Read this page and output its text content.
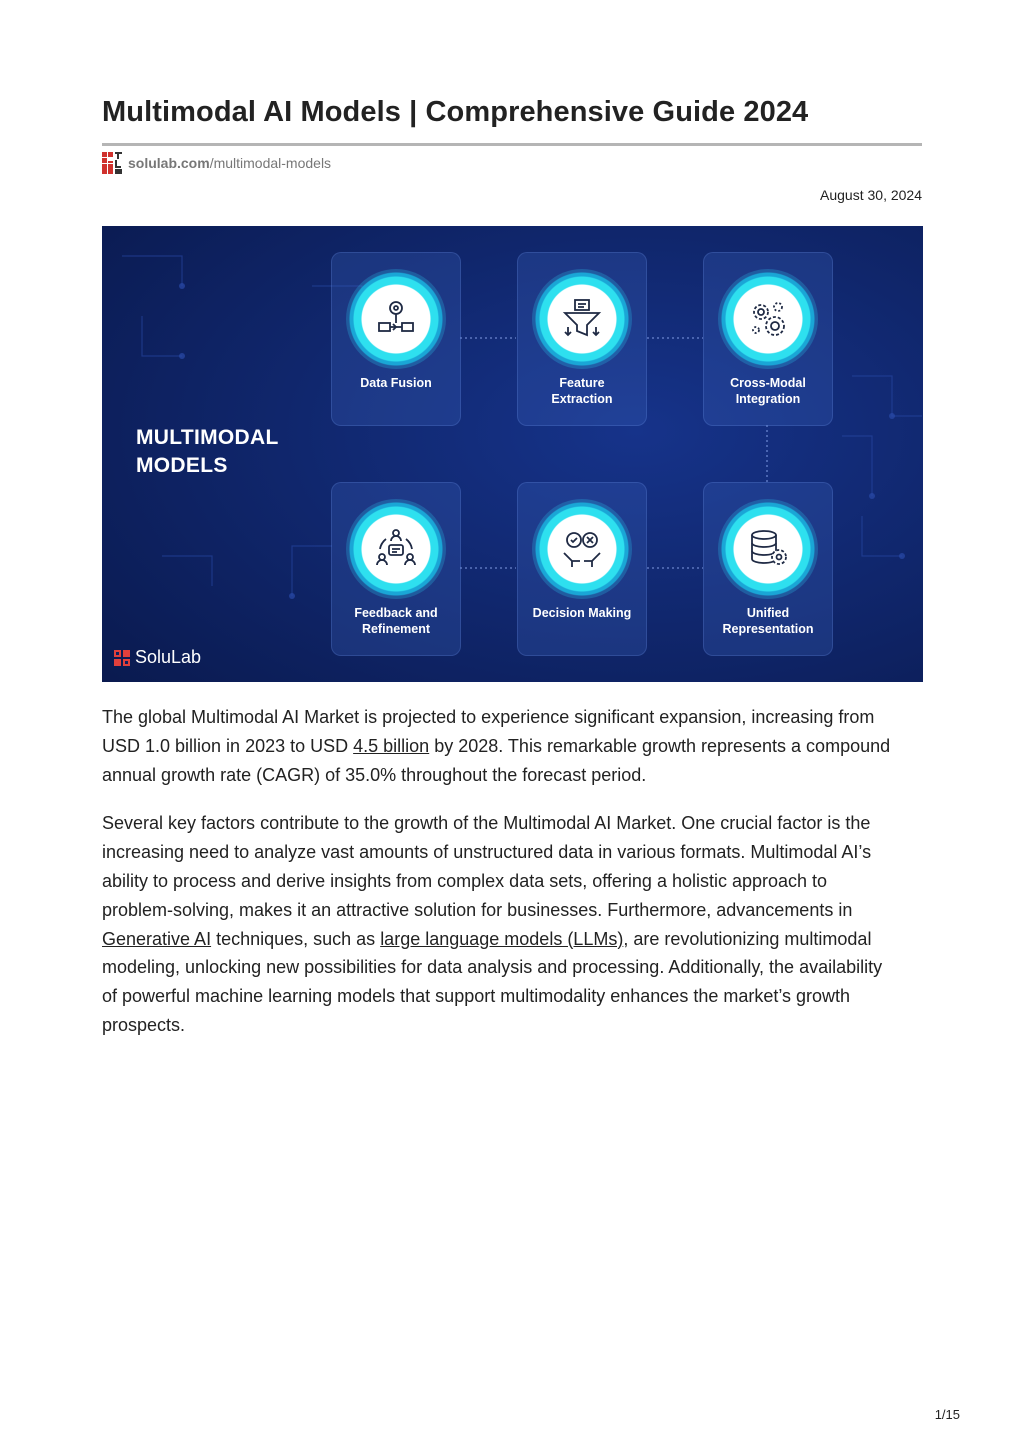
Multimodal AI Models | Comprehensive Guide 2024
solulab.com /multimodal-models
August 30, 2024
MULTIMODAL
MODELS
Data Fusion	Feature
Extraction
Cross-Modal
Integration
Feedback and
Refinement
Decision Making	Unified
Representation
SoluLab

The global Multimodal AI Market is projected to experience significant expansion, increasing from USD 1.0 billion in 2023 to USD 4.5 billion by 2028. This remarkable growth represents a compound annual growth rate (CAGR) of 35.0% throughout the forecast period.

Several key factors contribute to the growth of the Multimodal AI Market. One crucial factor is the increasing need to analyze vast amounts of unstructured data in various formats. Multimodal AI’s ability to process and derive insights from complex data sets, offering a holistic approach to problem-solving, makes it an attractive solution for businesses. Furthermore, advancements in Generative AI techniques, such as large language models (LLMs), are revolutionizing multimodal modeling, unlocking new possibilities for data analysis and processing. Additionally, the availability of powerful machine learning models that support multimodality enhances the market’s growth prospects.

1/15
